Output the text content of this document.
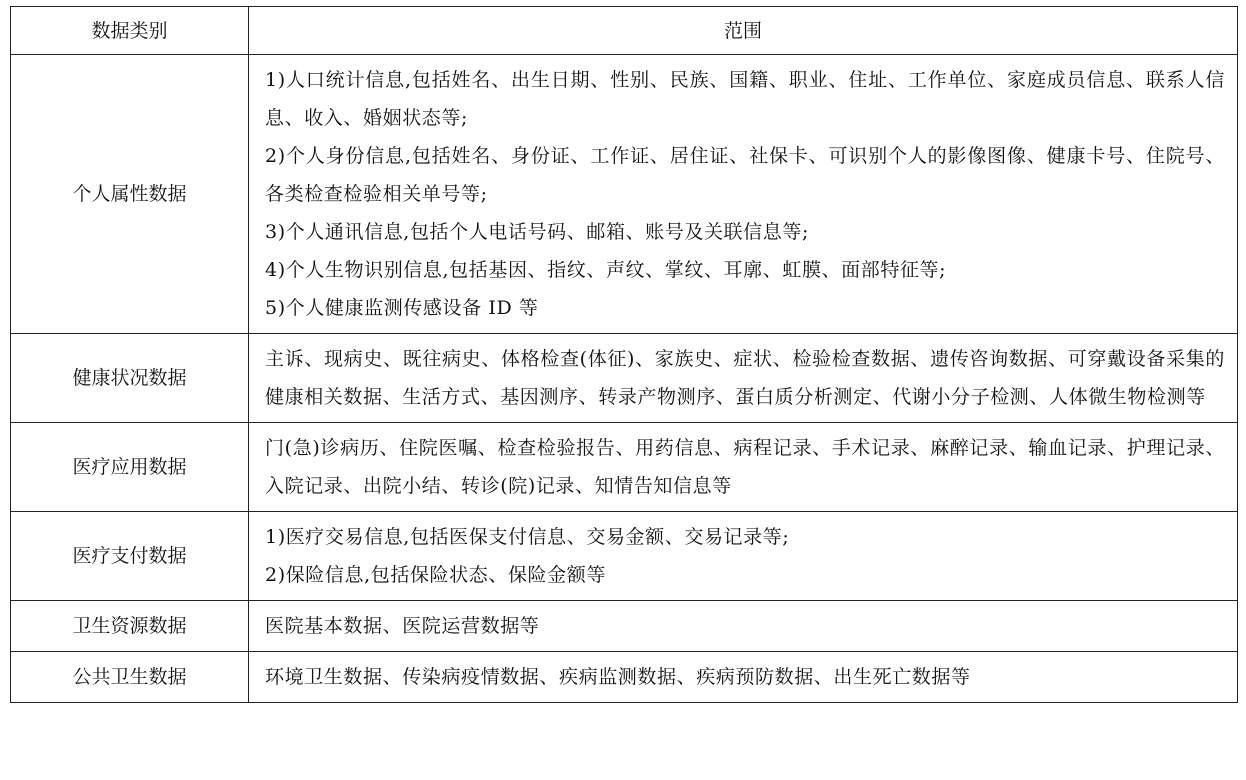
数据类别	范围
个人属性数据	1)人口统计信息,包括姓名、出生日期、性别、民族、国籍、职业、住址、工作单位、家庭成员信息、联系人信息、收入、婚姻状态等;
2)个人身份信息,包括姓名、身份证、工作证、居住证、社保卡、可识别个人的影像图像、健康卡号、住院号、各类检查检验相关单号等;
3)个人通讯信息,包括个人电话号码、邮箱、账号及关联信息等;
4)个人生物识别信息,包括基因、指纹、声纹、掌纹、耳廓、虹膜、面部特征等;
5)个人健康监测传感设备 ID 等

健康状况数据	主诉、现病史、既往病史、体格检查(体征)、家族史、症状、检验检查数据、遗传咨询数据、可穿戴设备采集的健康相关数据、生活方式、基因测序、转录产物测序、蛋白质分析测定、代谢小分子检测、人体微生物检测等

医疗应用数据	门(急)诊病历、住院医嘱、检查检验报告、用药信息、病程记录、手术记录、麻醉记录、输血记录、护理记录、入院记录、出院小结、转诊(院)记录、知情告知信息等

医疗支付数据	1)医疗交易信息,包括医保支付信息、交易金额、交易记录等;
2)保险信息,包括保险状态、保险金额等

卫生资源数据	医院基本数据、医院运营数据等

公共卫生数据	环境卫生数据、传染病疫情数据、疾病监测数据、疾病预防数据、出生死亡数据等
